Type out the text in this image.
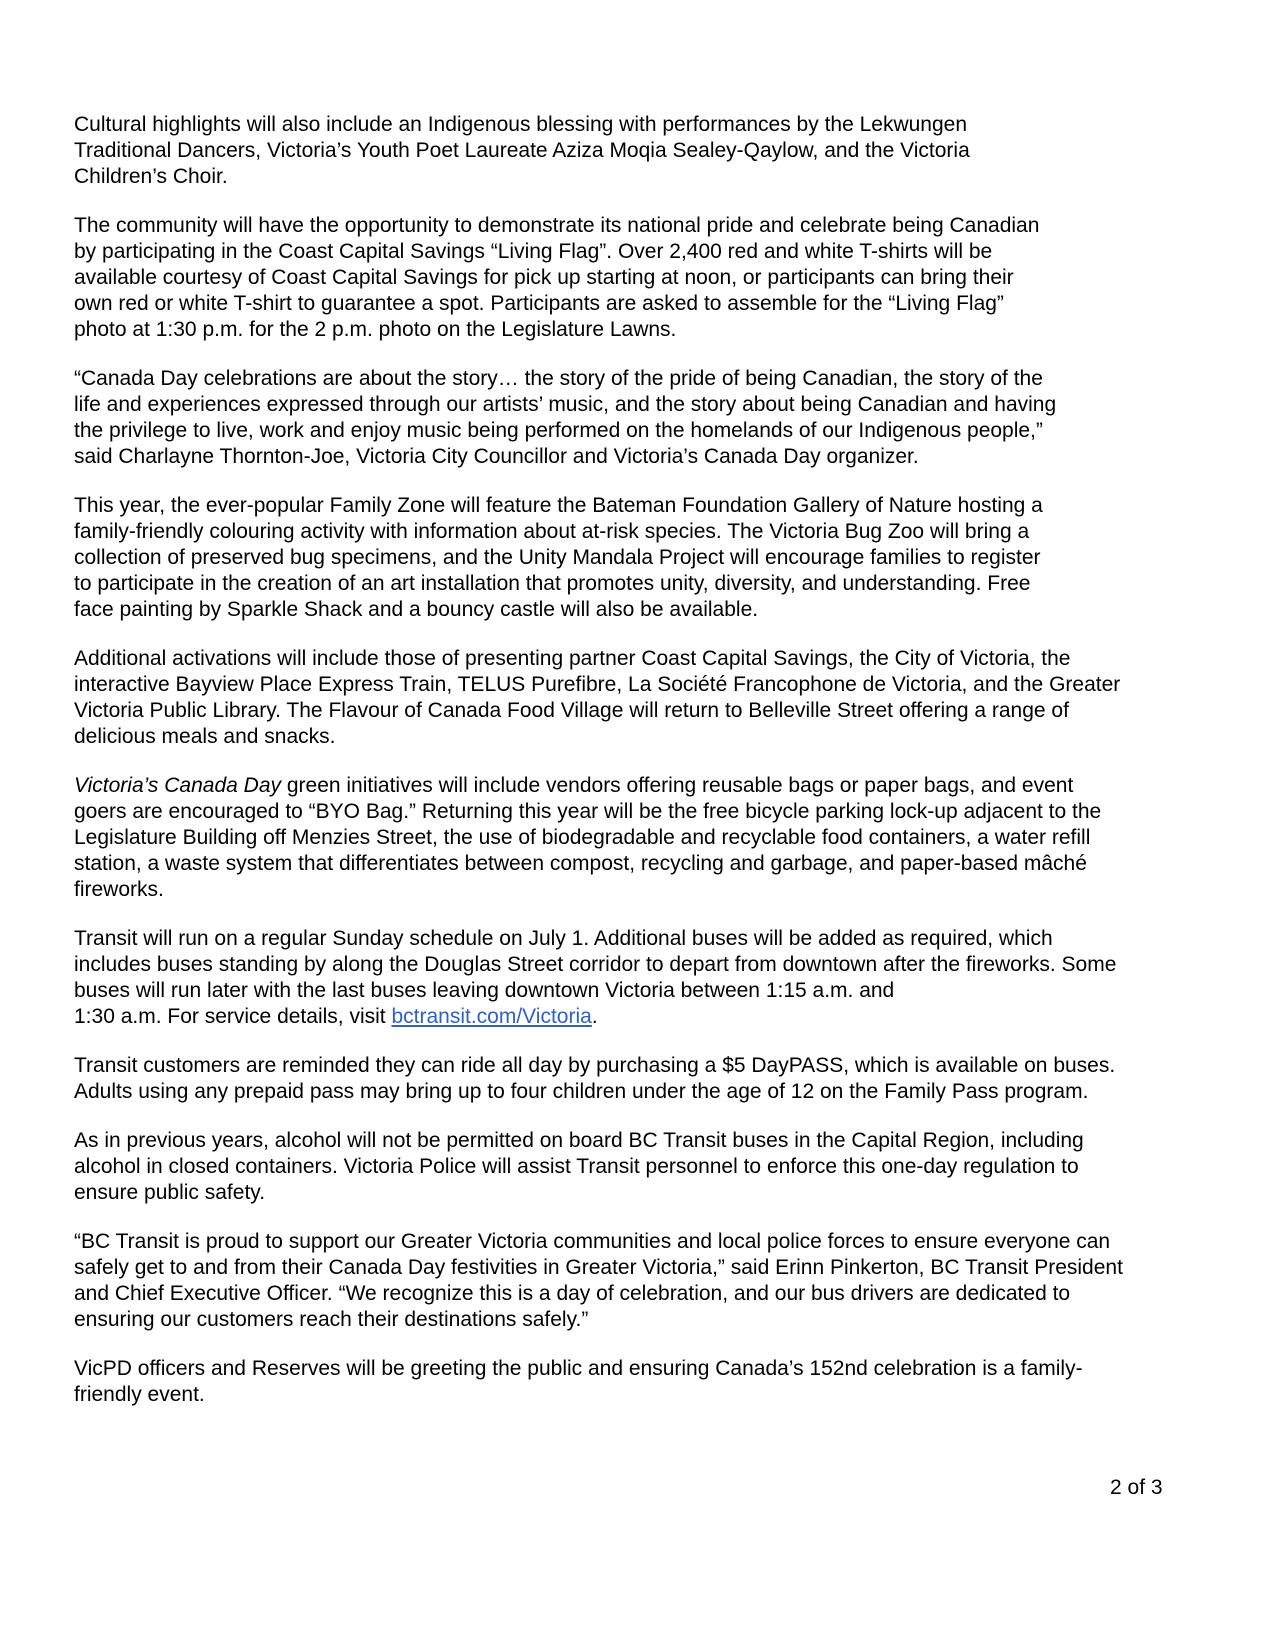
Cultural highlights will also include an Indigenous blessing with performances by the Lekwungen
Traditional Dancers, Victoria’s Youth Poet Laureate Aziza Moqia Sealey-Qaylow, and the Victoria
Children’s Choir.

The community will have the opportunity to demonstrate its national pride and celebrate being Canadian
by participating in the Coast Capital Savings “Living Flag”. Over 2,400 red and white T-shirts will be
available courtesy of Coast Capital Savings for pick up starting at noon, or participants can bring their
own red or white T-shirt to guarantee a spot. Participants are asked to assemble for the “Living Flag”
photo at 1:30 p.m. for the 2 p.m. photo on the Legislature Lawns.

“Canada Day celebrations are about the story… the story of the pride of being Canadian, the story of the
life and experiences expressed through our artists’ music, and the story about being Canadian and having
the privilege to live, work and enjoy music being performed on the homelands of our Indigenous people,”
said Charlayne Thornton-Joe, Victoria City Councillor and Victoria’s Canada Day organizer.

This year, the ever-popular Family Zone will feature the Bateman Foundation Gallery of Nature hosting a
family-friendly colouring activity with information about at-risk species. The Victoria Bug Zoo will bring a
collection of preserved bug specimens, and the Unity Mandala Project will encourage families to register
to participate in the creation of an art installation that promotes unity, diversity, and understanding. Free
face painting by Sparkle Shack and a bouncy castle will also be available.

Additional activations will include those of presenting partner Coast Capital Savings, the City of Victoria, the
interactive Bayview Place Express Train, TELUS Purefibre, La Société Francophone de Victoria, and the Greater
Victoria Public Library. The Flavour of Canada Food Village will return to Belleville Street offering a range of
delicious meals and snacks.

Victoria’s Canada Day green initiatives will include vendors offering reusable bags or paper bags, and event
goers are encouraged to “BYO Bag.” Returning this year will be the free bicycle parking lock-up adjacent to the
Legislature Building off Menzies Street, the use of biodegradable and recyclable food containers, a water refill
station, a waste system that differentiates between compost, recycling and garbage, and paper-based mâché
fireworks.

Transit will run on a regular Sunday schedule on July 1. Additional buses will be added as required, which
includes buses standing by along the Douglas Street corridor to depart from downtown after the fireworks. Some
buses will run later with the last buses leaving downtown Victoria between 1:15 a.m. and
1:30 a.m. For service details, visit bctransit.com/Victoria.

Transit customers are reminded they can ride all day by purchasing a $5 DayPASS, which is available on buses.
Adults using any prepaid pass may bring up to four children under the age of 12 on the Family Pass program.

As in previous years, alcohol will not be permitted on board BC Transit buses in the Capital Region, including
alcohol in closed containers. Victoria Police will assist Transit personnel to enforce this one-day regulation to
ensure public safety.

“BC Transit is proud to support our Greater Victoria communities and local police forces to ensure everyone can
safely get to and from their Canada Day festivities in Greater Victoria,” said Erinn Pinkerton, BC Transit President
and Chief Executive Officer. “We recognize this is a day of celebration, and our bus drivers are dedicated to
ensuring our customers reach their destinations safely.”

VicPD officers and Reserves will be greeting the public and ensuring Canada’s 152nd celebration is a family-
friendly event.

2 of 3
